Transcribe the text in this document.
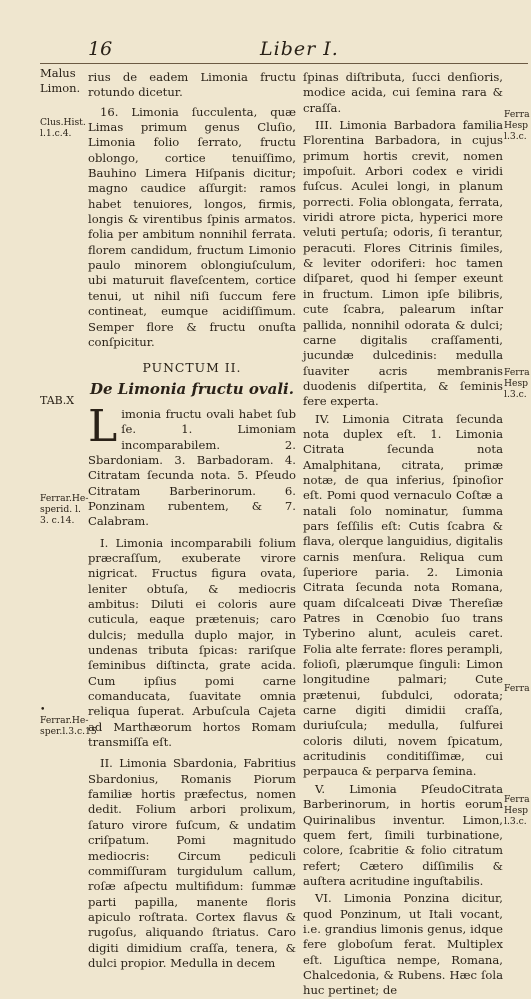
16	Liber I.
Malus Limon.
Clus.Hist. l.1.c.4.
TAB.X
Ferrar.He- sperid. l. 3. c.14.
• Ferrar.He- sper.l.3.c.15
Ferra Hesp l.3.c.
Ferra Hesp l.3.c.
Ferra
Ferra Hesp l.3.c.

rius de eadem Limonia fructu rotundo dicetur.

16. Limonia ſucculenta, quæ Limas primum genus Cluſio, Limonia folio ſerrato, fructu oblongo, cortice tenuiſſimo, Bauhino Limera Hiſpanis dicitur; magno caudice aſſurgit: ramos habet tenuiores, longos, firmis, longis & virentibus ſpinis armatos. folia per ambitum nonnihil ferrata. florem candidum, fructum Limonio paulo minorem oblongiuſculum, ubi maturuit flaveſcentem, cortice tenui, ut nihil niſi ſuccum fere contineat, eumque acidiſſimum. Semper flore & fructu onuſta conſpicitur.

PUNCTUM II.
De Limonia fructu ovali.

L imonia fructu ovali habet ſub ſe. 1. Limoniam incomparabilem. 2. Sbardoniam. 3. Barbadoram. 4. Citratam ſecunda nota. 5. Pſeudo Citratam Barberinorum. 6. Ponzinam rubentem, & 7. Calabram.

I. Limonia incomparabili folium præcraſſum, exuberate virore nigricat. Fructus figura ovata, leniter obtuſa, & mediocris ambitus: Diluti ei coloris aure cuticula, eaque prætenuis; caro dulcis; medulla duplo major, in undenas tributa ſpicas: rariſque ſeminibus diſtincta, grate acida. Cum ipſius pomi carne comanducata, ſuavitate omnia reliqua ſuperat. Arbuſcula Cajeta ad Marthæorum hortos Romam transmiſſa eſt.

II. Limonia Sbardonia, Fabritius Sbardonius, Romanis Piorum familiæ hortis præfectus, nomen dedit. Folium arbori prolixum, ſaturo virore fuſcum, & undatim criſpatum. Pomi magnitudo mediocris: Circum pediculi commiſſuram turgidulum callum, roſæ aſpectu multifidum: ſummæ parti papilla, manente floris apiculo roſtrata. Cortex flavus & rugoſus, aliquando ſtriatus. Caro digiti dimidium craſſa, tenera, & dulci propior. Medulla in decem

ſpinas diſtributa, ſucci denſioris, modice acida, cui ſemina rara & craſſa.

III. Limonia Barbadora familia Florentina Barbadora, in cujus primum hortis crevit, nomen impoſuit. Arbori codex e viridi fuſcus. Aculei longi, in planum porrecti. Folia oblongata, ferrata, viridi atrore picta, hyperici more veluti pertuſa; odoris, ſi terantur, peracuti. Flores Citrinis ſimiles, & leviter odoriferi: hoc tamen diſparet, quod hi ſemper exeunt in fructum. Limon ipſe bilibris, cute ſcabra, palearum inſtar pallida, nonnihil odorata & dulci; carne digitalis craſſamenti, jucundæ dulcedinis: medulla ſuaviter acris membranis duodenis diſpertita, & ſeminis fere experta.

IV. Limonia Citrata ſecunda nota duplex eſt. 1. Limonia Citrata ſecunda nota Amalphitana, citrata, primæ notæ, de qua inferius, ſpinoſior eſt. Pomi quod vernaculo Coſtæ a natali ſolo nominatur, ſumma pars ſeſſilis eſt: Cutis ſcabra & flava, olerque languidius, digitalis carnis menſura. Reliqua cum ſuperiore paria. 2. Limonia Citrata ſecunda nota Romana, quam diſcalceati Divæ Thereſiæ Patres in Cœnobio ſuo trans Tyberino alunt, aculeis caret. Folia alte ferrate: flores perampli, folioſi, plærumque ſinguli: Limon longitudine palmari; Cute prætenui, ſubdulci, odorata; carne digiti dimidii craſſa, duriuſcula; medulla, ſulfurei coloris diluti, novem ſpicatum, acritudinis conditiſſimæ, cui perpauca & perparva ſemina.

V. Limonia PſeudoCitrata Barberinorum, in hortis eorum Quirinalibus inventur. Limon, quem fert, ſimili turbinatione, colore, ſcabritie & folio citratum refert; Cætero diſſimilis & auſtera acritudine inguſtabilis.

VI. Limonia Ponzina dicitur, quod Ponzinum, ut Itali vocant, i.e. grandius limonis genus, idque fere globoſum ferat. Multiplex eſt. Liguſtica nempe, Romana, Chalcedonia, & Rubens. Hæc ſola huc pertinet; de
